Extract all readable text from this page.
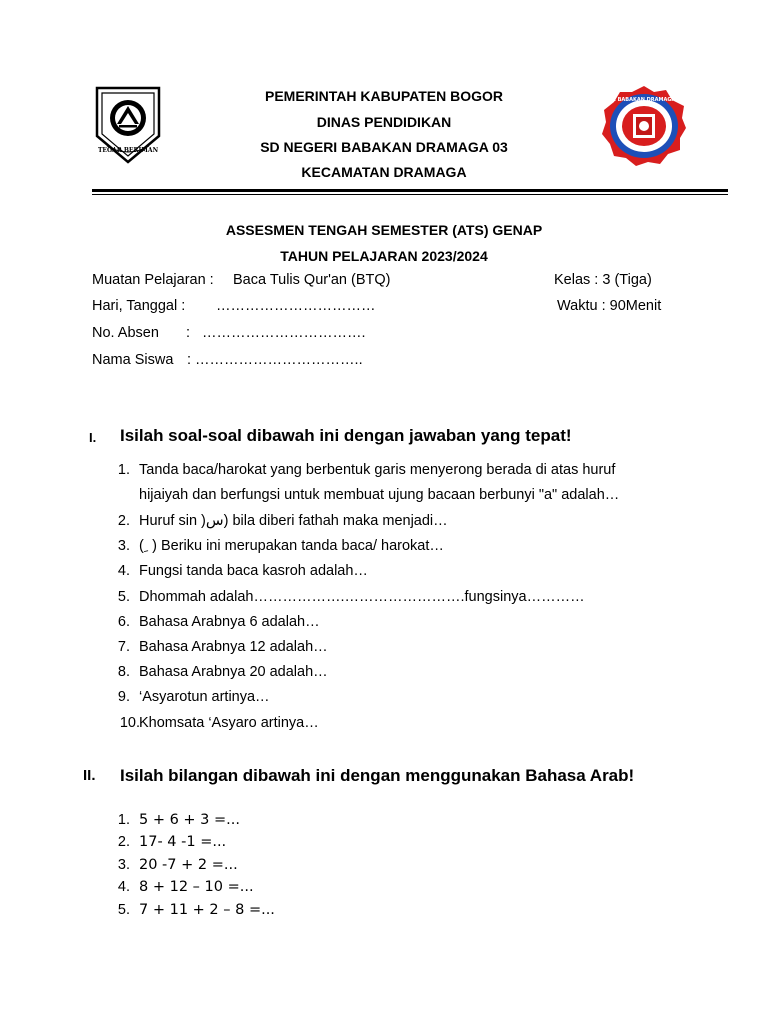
TEGAR BERIMAN
SDN BABAKAN DRAMAGA 03
PEMERINTAH KABUPATEN BOGOR
DINAS PENDIDIKAN
SD NEGERI BABAKAN DRAMAGA 03
KECAMATAN DRAMAGA
ASSESMEN TENGAH SEMESTER (ATS) GENAP
TAHUN PELAJARAN 2023/2024
Muatan Pelajaran : Baca Tulis Qur'an (BTQ)	Kelas : 3 (Tiga)
Hari, Tanggal : ……………………………	Waktu : 90Menit
No. Absen : …………………………….
Nama Siswa : ……………………………..
I. Isilah soal-soal dibawah ini dengan jawaban yang tepat!
1. Tanda baca/harokat yang berbentuk garis menyerong berada di atas huruf
hijaiyah dan berfungsi untuk membuat ujung bacaan berbunyi "a" adalah…
2. Huruf sin )س) bila diberi fathah maka menjadi…
3. ( ِ ) Beriku ini merupakan tanda baca/ harokat…
4. Fungsi tanda baca kasroh adalah…
5. Dhommah adalah……………….…………………….fungsinya…………
6. Bahasa Arabnya 6 adalah…
7. Bahasa Arabnya 12 adalah…
8. Bahasa Arabnya 20 adalah…
9. ‘Asyarotun artinya…
10. Khomsata ‘Asyaro artinya…
II. Isilah bilangan dibawah ini dengan menggunakan Bahasa Arab!
1. 5 + 6 + 3 =...
2. 17- 4 -1 =...
3. 20 -7 + 2 =...
4. 8 + 12 – 10 =...
5. 7 + 11 + 2 – 8 =...
